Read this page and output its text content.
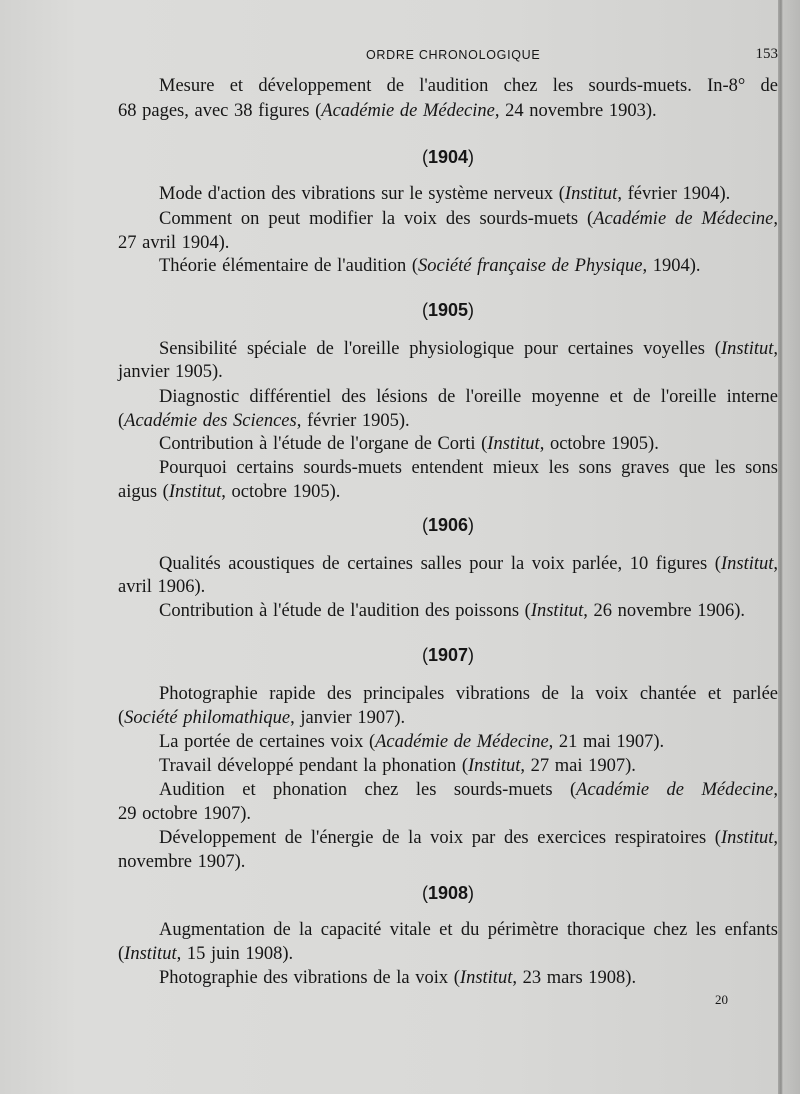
ORDRE CHRONOLOGIQUE	153
Mesure et développement de l'audition chez les sourds-muets. In-8° de
68 pages, avec 38 figures (Académie de Médecine, 24 novembre 1903).
(1904)
Mode d'action des vibrations sur le système nerveux (Institut, février 1904).
Comment on peut modifier la voix des sourds-muets (Académie de Médecine,
27 avril 1904).
Théorie élémentaire de l'audition (Société française de Physique, 1904).
(1905)
Sensibilité spéciale de l'oreille physiologique pour certaines voyelles (Institut,
janvier 1905).
Diagnostic différentiel des lésions de l'oreille moyenne et de l'oreille interne
(Académie des Sciences, février 1905).
Contribution à l'étude de l'organe de Corti (Institut, octobre 1905).
Pourquoi certains sourds-muets entendent mieux les sons graves que les sons
aigus (Institut, octobre 1905).
(1906)
Qualités acoustiques de certaines salles pour la voix parlée, 10 figures (Institut,
avril 1906).
Contribution à l'étude de l'audition des poissons (Institut, 26 novembre 1906).
(1907)
Photographie rapide des principales vibrations de la voix chantée et parlée
(Société philomathique, janvier 1907).
La portée de certaines voix (Académie de Médecine, 21 mai 1907).
Travail développé pendant la phonation (Institut, 27 mai 1907).
Audition et phonation chez les sourds-muets (Académie de Médecine,
29 octobre 1907).
Développement de l'énergie de la voix par des exercices respiratoires (Institut,
novembre 1907).
(1908)
Augmentation de la capacité vitale et du périmètre thoracique chez les enfants
(Institut, 15 juin 1908).
Photographie des vibrations de la voix (Institut, 23 mars 1908).
20
